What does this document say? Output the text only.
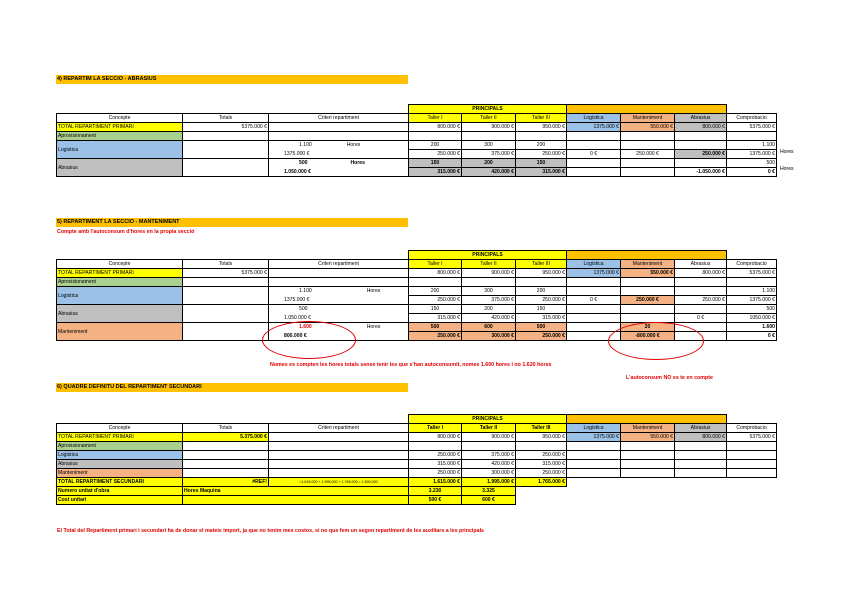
4) REPARTIM LA SECCIO - ABRASIUS
			PRINCIPALS						
Concepte	Totals	Criteri repartiment	Taller I	Taller II	Taller III	Logistica	Manteniment	Abrasius	Comprobacio
TOTAL REPARTIMENT PRIMARI	5375.000 €		800.000 €	900.000 €	950.000 €	1375.000 €	550.000 €	800.000 €	5375.000 €
Aprovisionament									
Logistica		1.100 Hores	200	300	200				1.100
		1375.000 €	250.000 €	375.000 €	250.000 €	0 €	250.000 €	250.000 €	1375.000 €
Abrasius		500 Hores	150	200	150				500
		1.050.000 €	315.000 €	420.000 €	315.000 €			-1.050.000 €	0 €
Hores
Hores
5) REPARTIMENT LA SECCIO - MANTENIMENT
Compte amb l'autoconsum d'hores en la propia secció
			PRINCIPALS						
Concepte	Totals	Criteri repartiment	Taller I	Taller II	Taller III	Logistica	Manteniment	Abrasius	Comprobacio
TOTAL REPARTIMENT PRIMARI	5375.000 €		800.000 €	900.000 €	950.000 €	1375.000 €	550.000 €	800.000 €	5375.000 €
Aprovisionament									
Logistica		1.100 Hores	200	300	200				1.100
		1375.000 €	250.000 €	375.000 €	250.000 €	0 €	250.000 €	250.000 €	1375.000 €
Abrasius		500	150	200	150				500
		1.050.000 €	315.000 €	420.000 €	315.000 €			0 €	1050.000 €
Manteniment		1.600 Hores	500	600	500		20		1.600
		800.000 €	250.000 €	300.000 €	250.000 €		-800.000 €		0 €
Nomes es compten les hores totals sense tenir les que s'han autoconsumit, nomes 1.600 hores i no 1.620 hores
L'autoconsum NO es te en compte
6) QUADRE DEFINITU DEL REPARTIMENT SECUNDARI
			PRINCIPALS						
Concepte	Totals	Criteri repartiment	Taller I	Taller II	Taller III	Logistica	Manteniment	Abrasius	Comprobacio
TOTAL REPARTIMENT PRIMARI	5.375.000 €		800.000 €	900.000 €	950.000 €	1375.000 €	550.000 €	800.000 €	5375.000 €
Aprovisionament									
Logistica			250.000 €	375.000 €	250.000 €				
Abrasius			315.000 €	420.000 €	315.000 €				
Manteniment			250.000 €	300.000 €	250.000 €				
TOTAL REPARTIMENT SECUNDARI	#REF!	=1.615.000 + 1.995.000 + 1.765.000 = 1.500.000	1.615.000 €	1.995.000 €	1.765.000 €				
Numero unitat d'obra	Hores Maquina		3.230	3.325					
Cost unitari			500 €	600 €					
El Total del Repartiment primari i secundari ha de donar el mateix import, ja que no tenim mes costos, si no que fem un segon repartiment de les auxiliars a les principals
